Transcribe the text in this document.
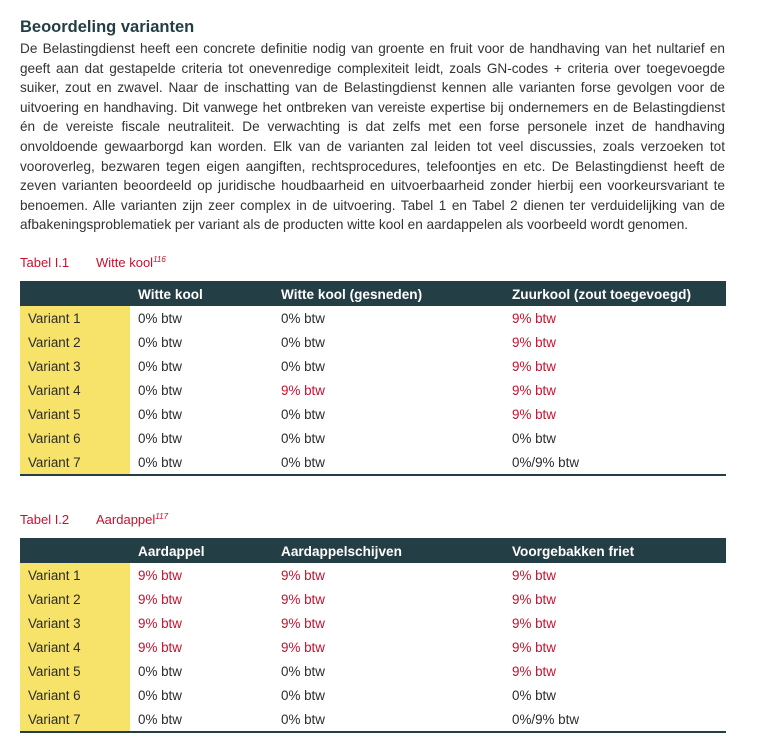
Beoordeling varianten
De Belastingdienst heeft een concrete definitie nodig van groente en fruit voor de handhaving van het nultarief en geeft aan dat gestapelde criteria tot onevenredige complexiteit leidt, zoals GN-codes + criteria over toegevoegde suiker, zout en zwavel. Naar de inschatting van de Belastingdienst kennen alle varianten forse gevolgen voor de uitvoering en handhaving. Dit vanwege het ontbreken van vereiste expertise bij ondernemers en de Belastingdienst én de vereiste fiscale neutraliteit. De verwachting is dat zelfs met een forse personele inzet de handhaving onvoldoende gewaarborgd kan worden. Elk van de varianten zal leiden tot veel discussies, zoals verzoeken tot vooroverleg, bezwaren tegen eigen aangiften, rechtsprocedures, telefoontjes en etc. De Belastingdienst heeft de zeven varianten beoordeeld op juridische houdbaarheid en uitvoerbaarheid zonder hierbij een voorkeursvariant te benoemen. Alle varianten zijn zeer complex in de uitvoering. Tabel 1 en Tabel 2 dienen ter verduidelijking van de afbakeningsproblematiek per variant als de producten witte kool en aardappelen als voorbeeld wordt genomen.
Tabel I.1 Witte kool$^{116}$
	Witte kool	Witte kool (gesneden)	Zuurkool (zout toegevoegd)
Variant 1	0% btw	0% btw	9% btw
Variant 2	0% btw	0% btw	9% btw
Variant 3	0% btw	0% btw	9% btw
Variant 4	0% btw	9% btw	9% btw
Variant 5	0% btw	0% btw	9% btw
Variant 6	0% btw	0% btw	0% btw
Variant 7	0% btw	0% btw	0%/9% btw
Tabel I.2 Aardappel$^{117}$
	Aardappel	Aardappelschijven	Voorgebakken friet
Variant 1	9% btw	9% btw	9% btw
Variant 2	9% btw	9% btw	9% btw
Variant 3	9% btw	9% btw	9% btw
Variant 4	9% btw	9% btw	9% btw
Variant 5	0% btw	0% btw	9% btw
Variant 6	0% btw	0% btw	0% btw
Variant 7	0% btw	0% btw	0%/9% btw
